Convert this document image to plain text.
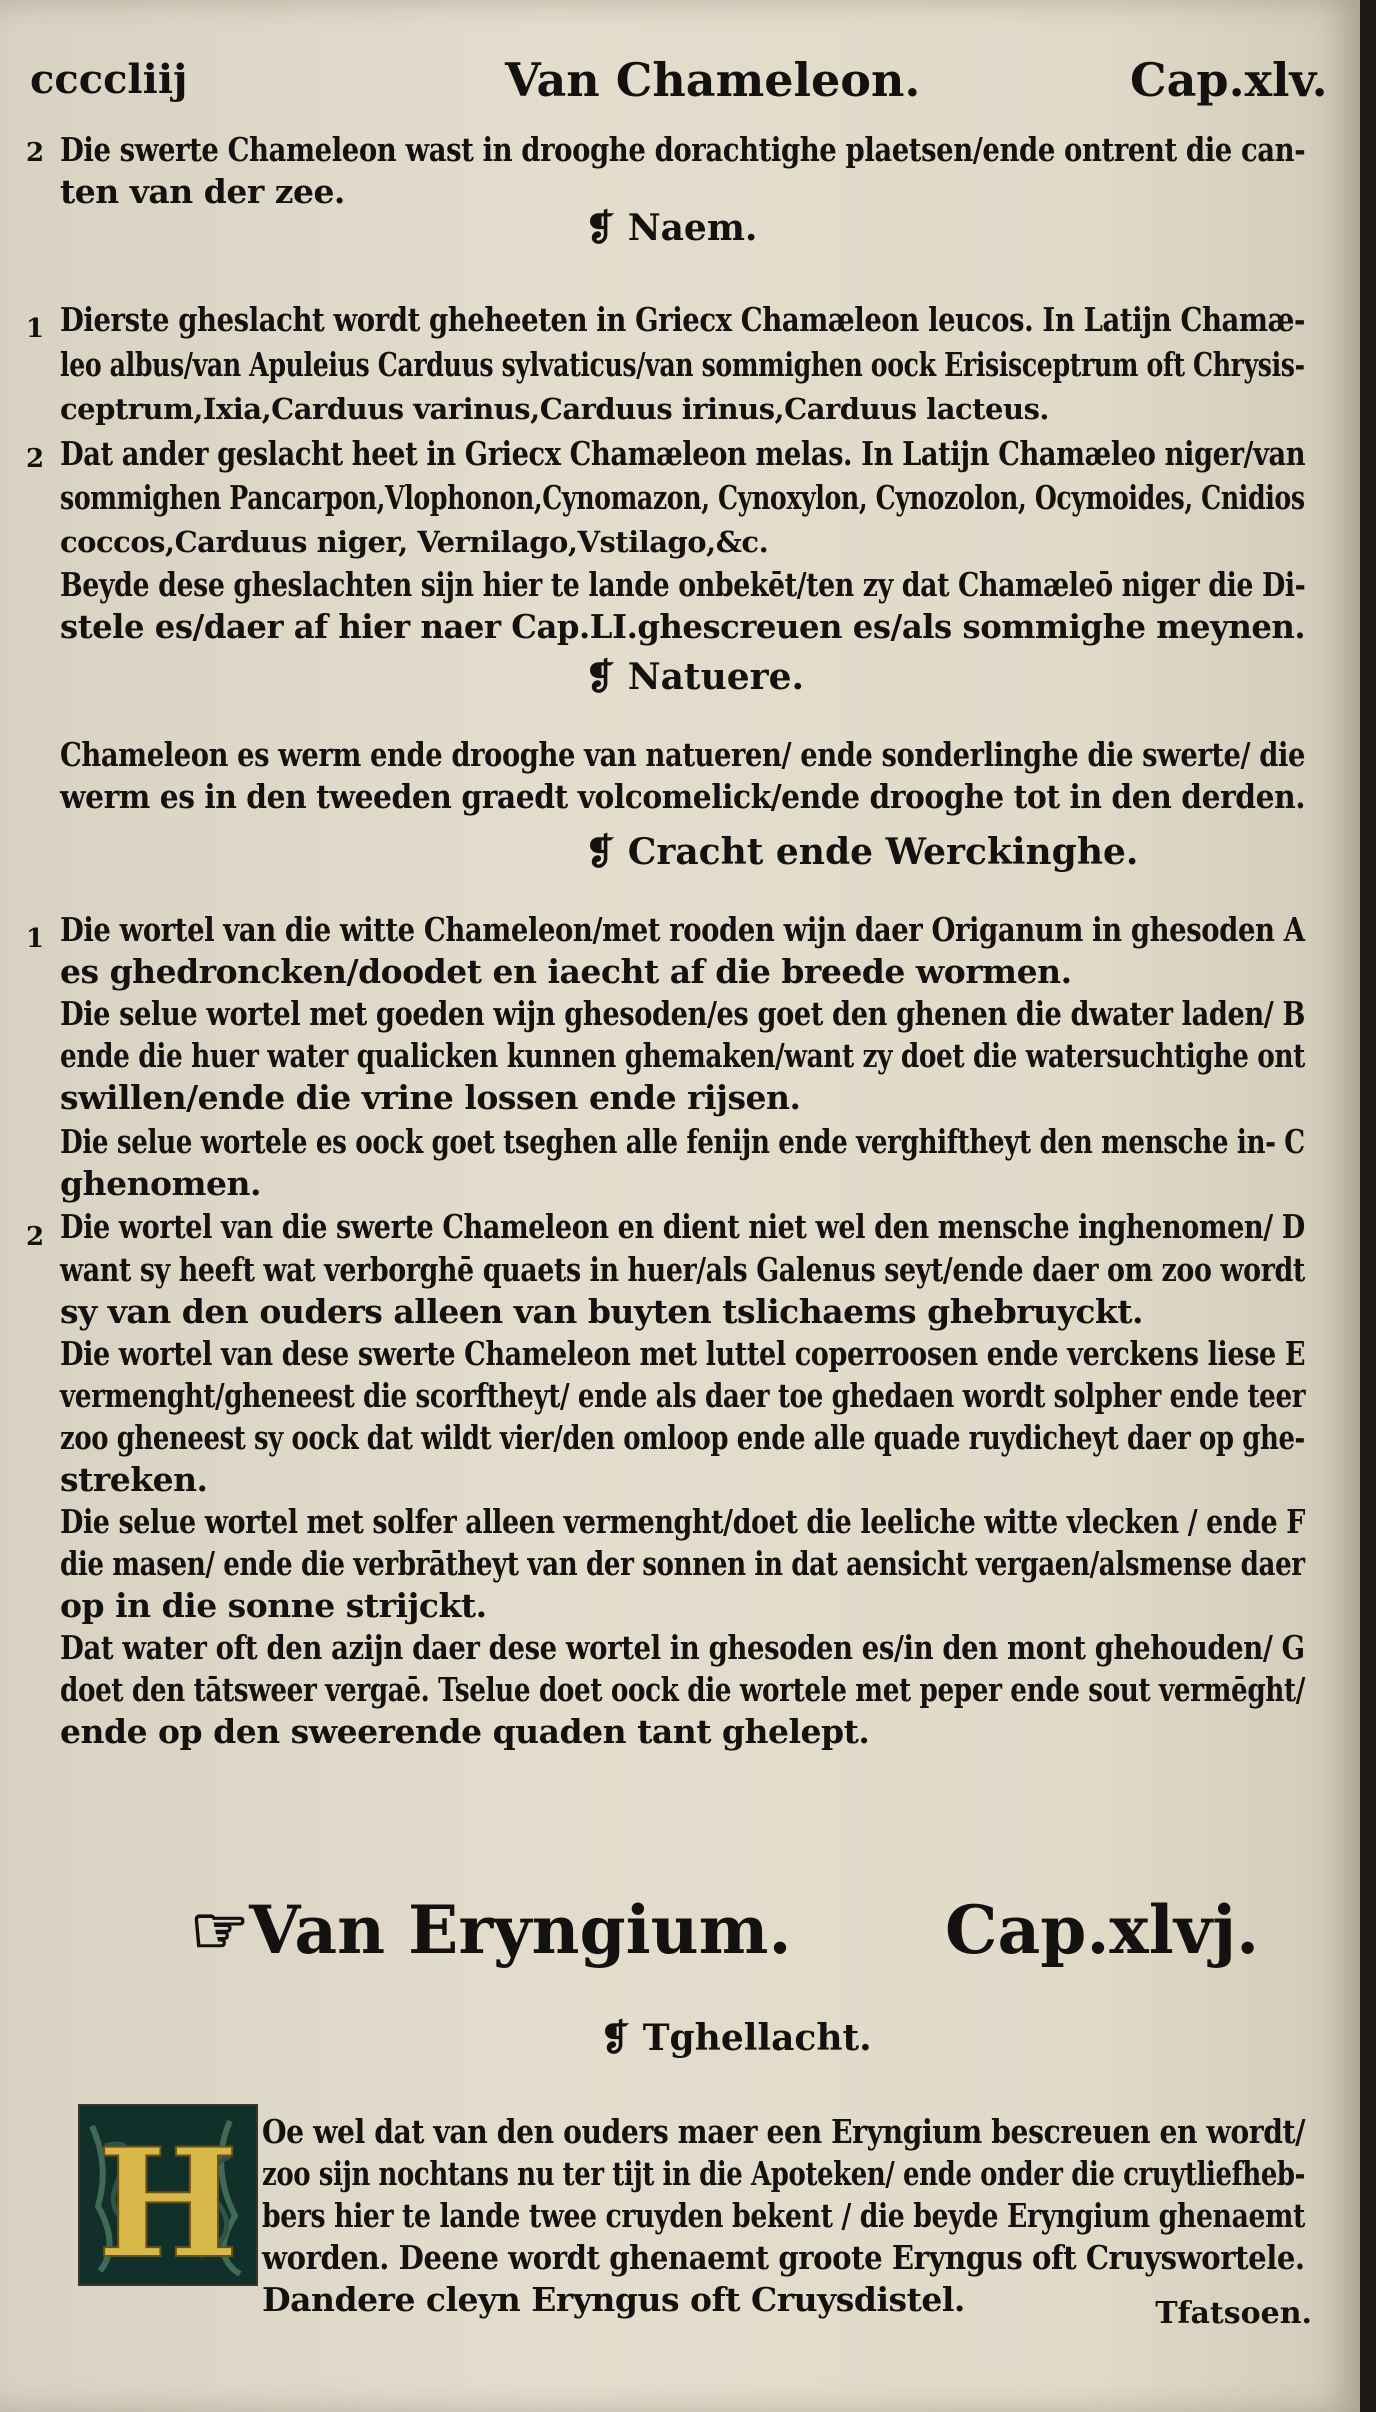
ccccliij	Van Chameleon.	Cap.xlv.
2 Die swerte Chameleon wast in drooghe dorachtighe plaetsen/ende ontrent die can-
ten van der zee.
❡ Naem.
1 Dierste gheslacht wordt gheheeten in Griecx Chamæleon leucos. In Latijn Chamæ-
leo albus/van Apuleius Carduus sylvaticus/van sommighen oock Erisisceptrum oft Chrysis-
ceptrum,Ixia,Carduus varinus,Carduus irinus,Carduus lacteus.
2 Dat ander geslacht heet in Griecx Chamæleon melas. In Latijn Chamæleo niger/van
sommighen Pancarpon,Vlophonon,Cynomazon, Cynoxylon, Cynozolon, Ocymoides, Cnidios
coccos,Carduus niger, Vernilago,Vstilago,&c.
Beyde dese gheslachten sijn hier te lande onbekēt/ten zy dat Chamæleō niger die Di-
stele es/daer af hier naer Cap.LI.ghescreuen es/als sommighe meynen.
❡ Natuere.
Chameleon es werm ende drooghe van natueren/ ende sonderlinghe die swerte/ die
werm es in den tweeden graedt volcomelick/ende drooghe tot in den derden.
❡ Cracht ende Werckinghe.
1 Die wortel van die witte Chameleon/met rooden wijn daer Origanum in ghesoden A
es ghedroncken/doodet en iaecht af die breede wormen.
Die selue wortel met goeden wijn ghesoden/es goet den ghenen die dwater laden/ B
ende die huer water qualicken kunnen ghemaken/want zy doet die watersuchtighe ont
swillen/ende die vrine lossen ende rijsen.
Die selue wortele es oock goet tseghen alle fenijn ende verghiftheyt den mensche in- C
ghenomen.
2 Die wortel van die swerte Chameleon en dient niet wel den mensche inghenomen/ D
want sy heeft wat verborghē quaets in huer/als Galenus seyt/ende daer om zoo wordt
sy van den ouders alleen van buyten tslichaems ghebruyckt.
Die wortel van dese swerte Chameleon met luttel coperroosen ende verckens liese E
vermenght/gheneest die scorftheyt/ ende als daer toe ghedaen wordt solpher ende teer
zoo gheneest sy oock dat wildt vier/den omloop ende alle quade ruydicheyt daer op ghe-
streken.
Die selue wortel met solfer alleen vermenght/doet die leeliche witte vlecken / ende F
die masen/ ende die verbrātheyt van der sonnen in dat aensicht vergaen/alsmense daer
op in die sonne strijckt.
Dat water oft den azijn daer dese wortel in ghesoden es/in den mont ghehouden/ G
doet den tātsweer vergaē. Tselue doet oock die wortele met peper ende sout vermēght/
ende op den sweerende quaden tant ghelept.
☞Van Eryngium. Cap.xlvj.
❡ Tghellacht.
H Oe wel dat van den ouders maer een Eryngium bescreuen en wordt/
zoo sijn nochtans nu ter tijt in die Apoteken/ ende onder die cruytliefheb-
bers hier te lande twee cruyden bekent / die beyde Eryngium ghenaemt
worden. Deene wordt ghenaemt groote Eryngus oft Cruyswortele.
Dandere cleyn Eryngus oft Cruysdistel.	Tfatsoen.
